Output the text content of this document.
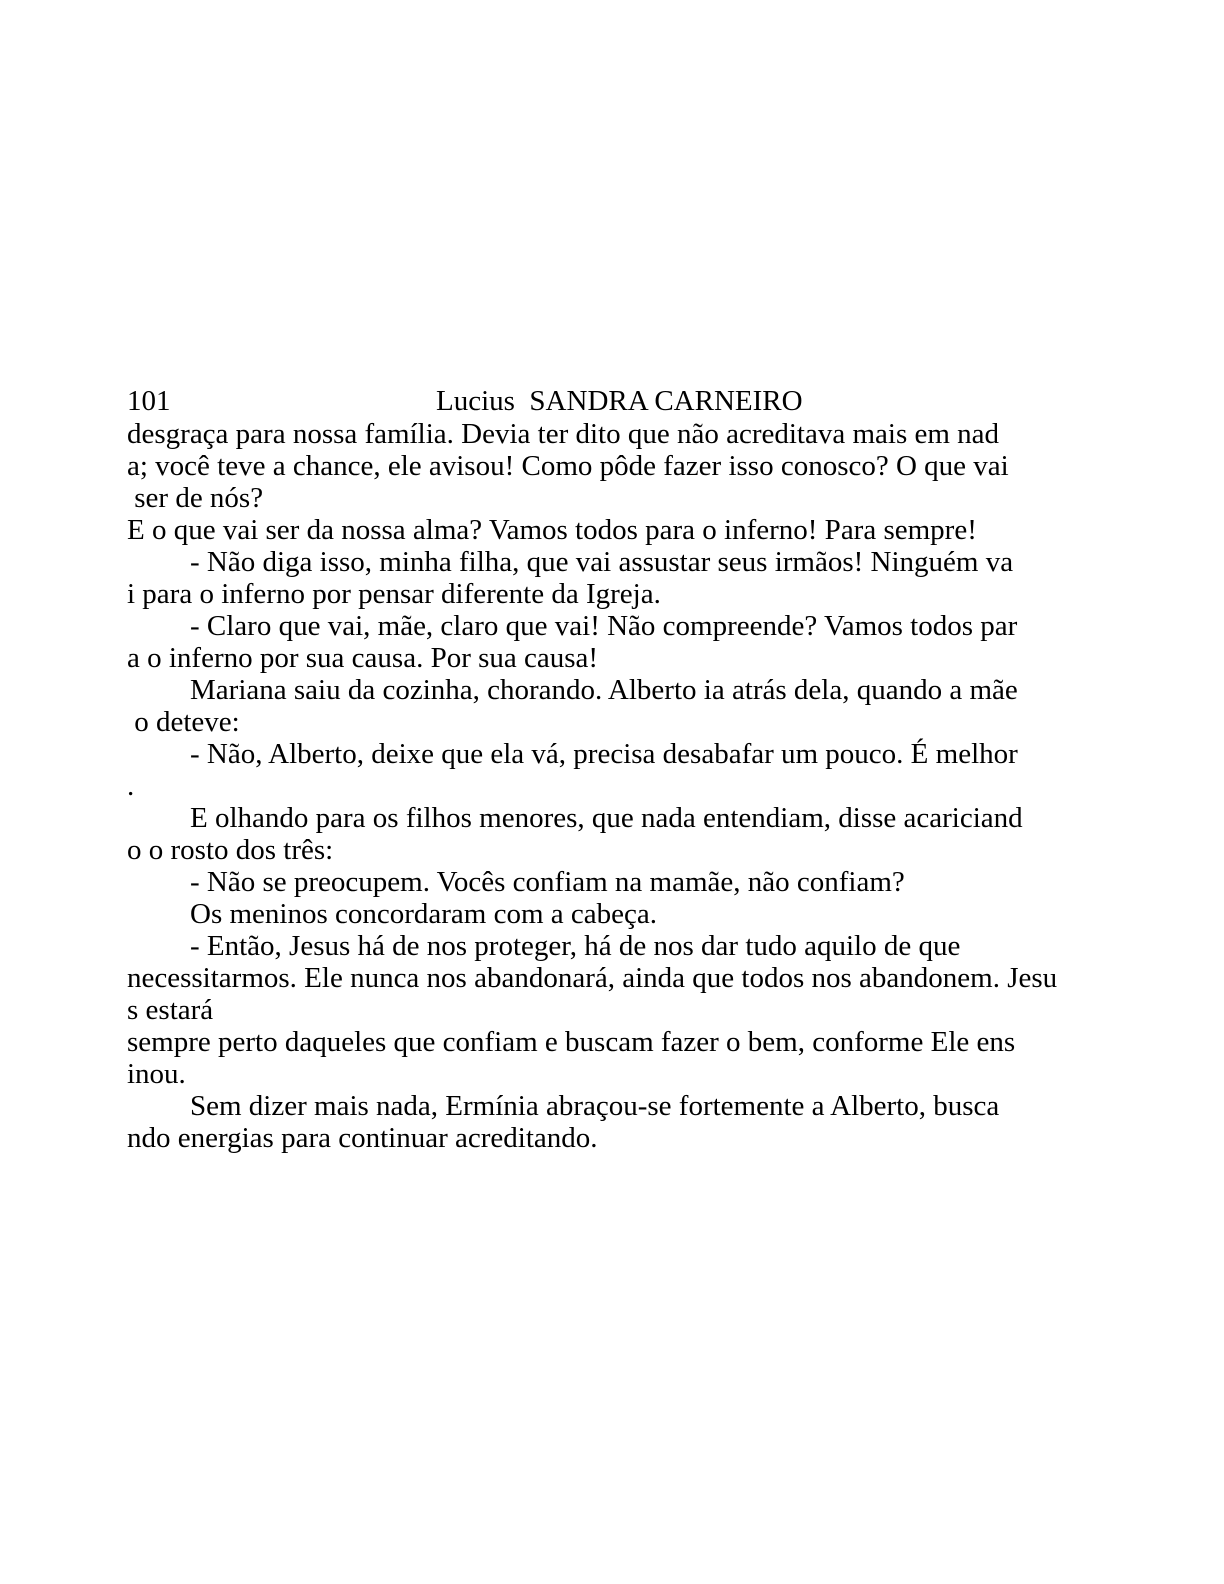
101	Lucius  SANDRA CARNEIRO
desgraça para nossa família. Devia ter dito que não acreditava mais em nad
a; você teve a chance, ele avisou! Como pôde fazer isso conosco? O que vai
ser de nós?
E o que vai ser da nossa alma? Vamos todos para o inferno! Para sempre!
- Não diga isso, minha filha, que vai assustar seus irmãos! Ninguém va
i para o inferno por pensar diferente da Igreja.
- Claro que vai, mãe, claro que vai! Não compreende? Vamos todos par
a o inferno por sua causa. Por sua causa!
Mariana saiu da cozinha, chorando. Alberto ia atrás dela, quando a mãe
o deteve:
- Não, Alberto, deixe que ela vá, precisa desabafar um pouco. É melhor
.
E olhando para os filhos menores, que nada entendiam, disse acariciand
o o rosto dos três:
- Não se preocupem. Vocês confiam na mamãe, não confiam?
Os meninos concordaram com a cabeça.
- Então, Jesus há de nos proteger, há de nos dar tudo aquilo de que
necessitarmos. Ele nunca nos abandonará, ainda que todos nos abandonem. Jesu
s estará
sempre perto daqueles que confiam e buscam fazer o bem, conforme Ele ens
inou.
Sem dizer mais nada, Ermínia abraçou-se fortemente a Alberto, busca
ndo energias para continuar acreditando.
